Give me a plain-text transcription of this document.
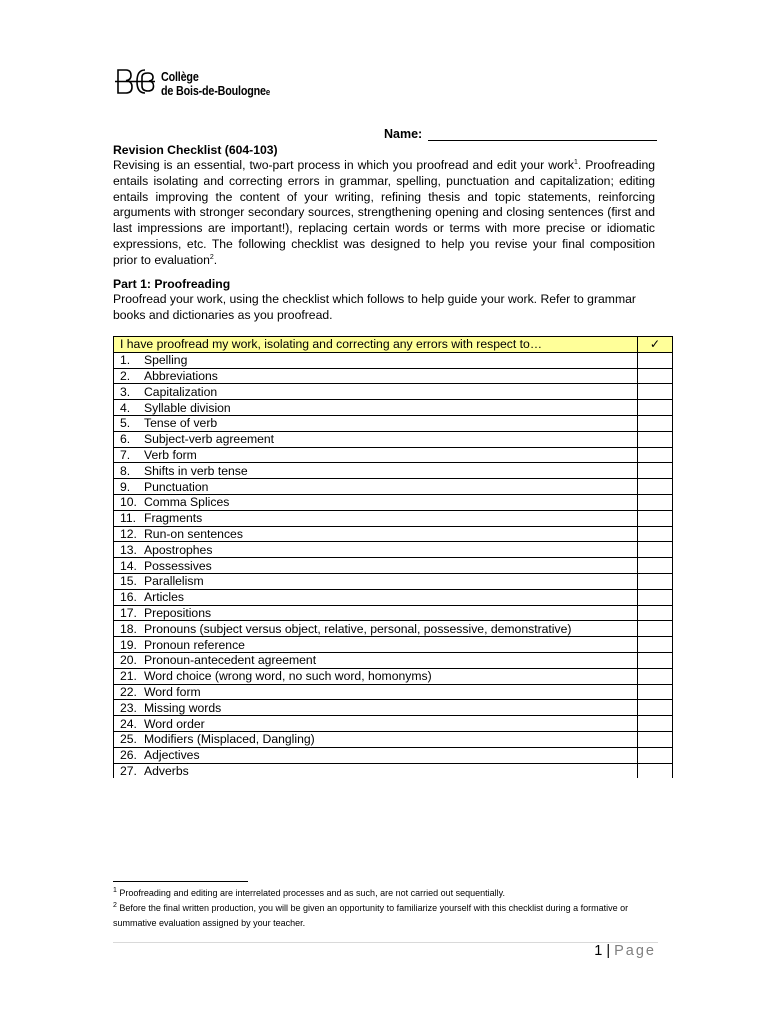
Collège
de Bois-de-Boulognee
Name:
Revision Checklist (604-103)
Revising is an essential, two-part process in which you proofread and edit your work$^1$. Proofreading entails isolating and correcting errors in grammar, spelling, punctuation and capitalization; editing entails improving the content of your writing, refining thesis and topic statements, reinforcing arguments with stronger secondary sources, strengthening opening and closing sentences (first and last impressions are important!), replacing certain words or terms with more precise or idiomatic expressions, etc. The following checklist was designed to help you revise your final composition prior to evaluation$^2$.
Part 1: Proofreading
Proofread your work, using the checklist which follows to help guide your work. Refer to grammar books and dictionaries as you proofread.
I have proofread my work, isolating and correcting any errors with respect to…	✓
1. Spelling	
2. Abbreviations	
3. Capitalization	
4. Syllable division	
5. Tense of verb	
6. Subject-verb agreement	
7. Verb form	
8. Shifts in verb tense	
9. Punctuation	
10. Comma Splices	
11. Fragments	
12. Run-on sentences	
13. Apostrophes	
14. Possessives	
15. Parallelism	
16. Articles	
17. Prepositions	
18. Pronouns (subject versus object, relative, personal, possessive, demonstrative)	
19. Pronoun reference	
20. Pronoun-antecedent agreement	
21. Word choice (wrong word, no such word, homonyms)	
22. Word form	
23. Missing words	
24. Word order	
25. Modifiers (Misplaced, Dangling)	
26. Adjectives	
27. Adverbs	
$^1$ Proofreading and editing are interrelated processes and as such, are not carried out sequentially.
$^2$ Before the final written production, you will be given an opportunity to familiarize yourself with this checklist during a formative or summative evaluation assigned by your teacher.
1 | Page
